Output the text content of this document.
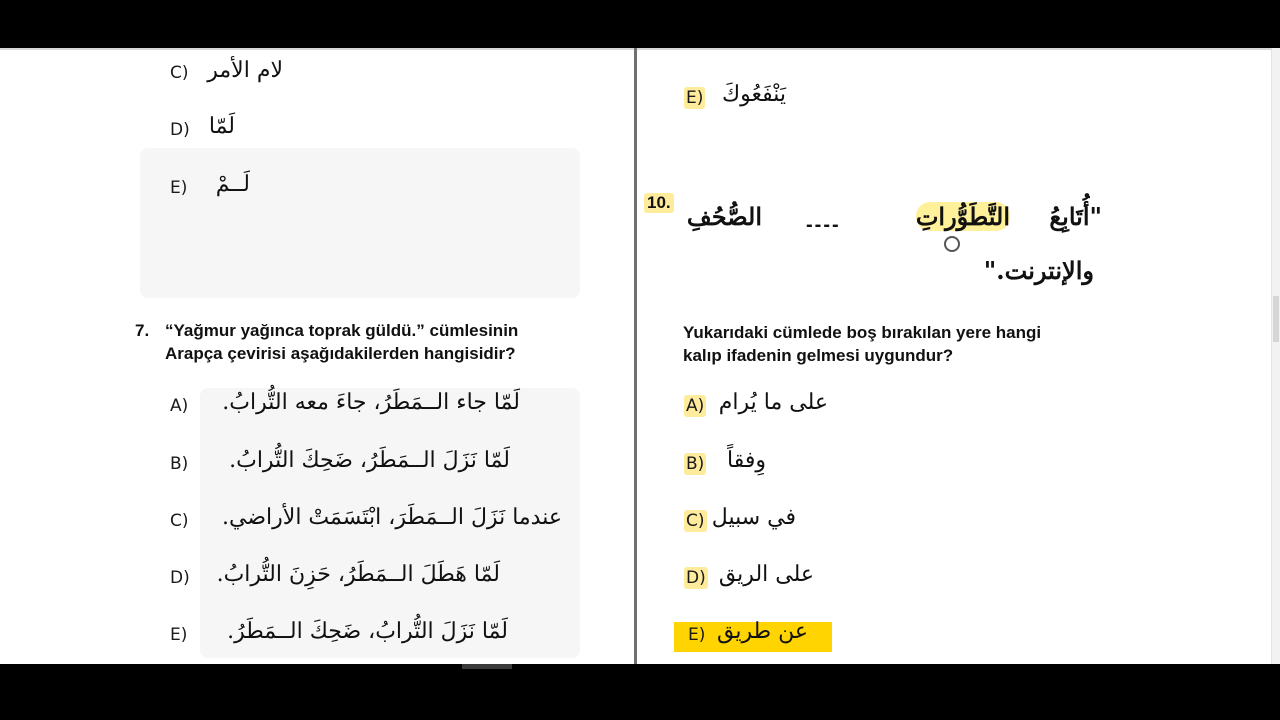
C) لام الأمر
D) لَمّا
E) لَــمْ
7. “Yağmur yağınca toprak güldü.” cümlesinin
Arapça çevirisi aşağıdakilerden hangisidir?
A) لَمّا جاء الــمَطَرُ، جاءَ معه التُّرابُ.
B) لَمّا نَزَلَ الــمَطَرُ، ضَحِكَ التُّرابُ.
C) عندما نَزَلَ الــمَطَرَ، ابْتَسَمَتْ الأراضي.
D) لَمّا هَطَلَ الــمَطَرُ، حَزِنَ التُّرابُ.
E) لَمّا نَزَلَ التُّرابُ، ضَحِكَ الــمَطَرُ.
E) يَنْفَعُوكَ
10.	"أُتَابِعُ
التَّطَوُّراتِ
----
الصُّحُفِ
والإنترنت."
Yukarıdaki cümlede boş bırakılan yere hangi
kalıp ifadenin gelmesi uygundur?
A) على ما يُرام
B) وِفقاً
C) في سبيل
D) على الريق
E) عن طريق
